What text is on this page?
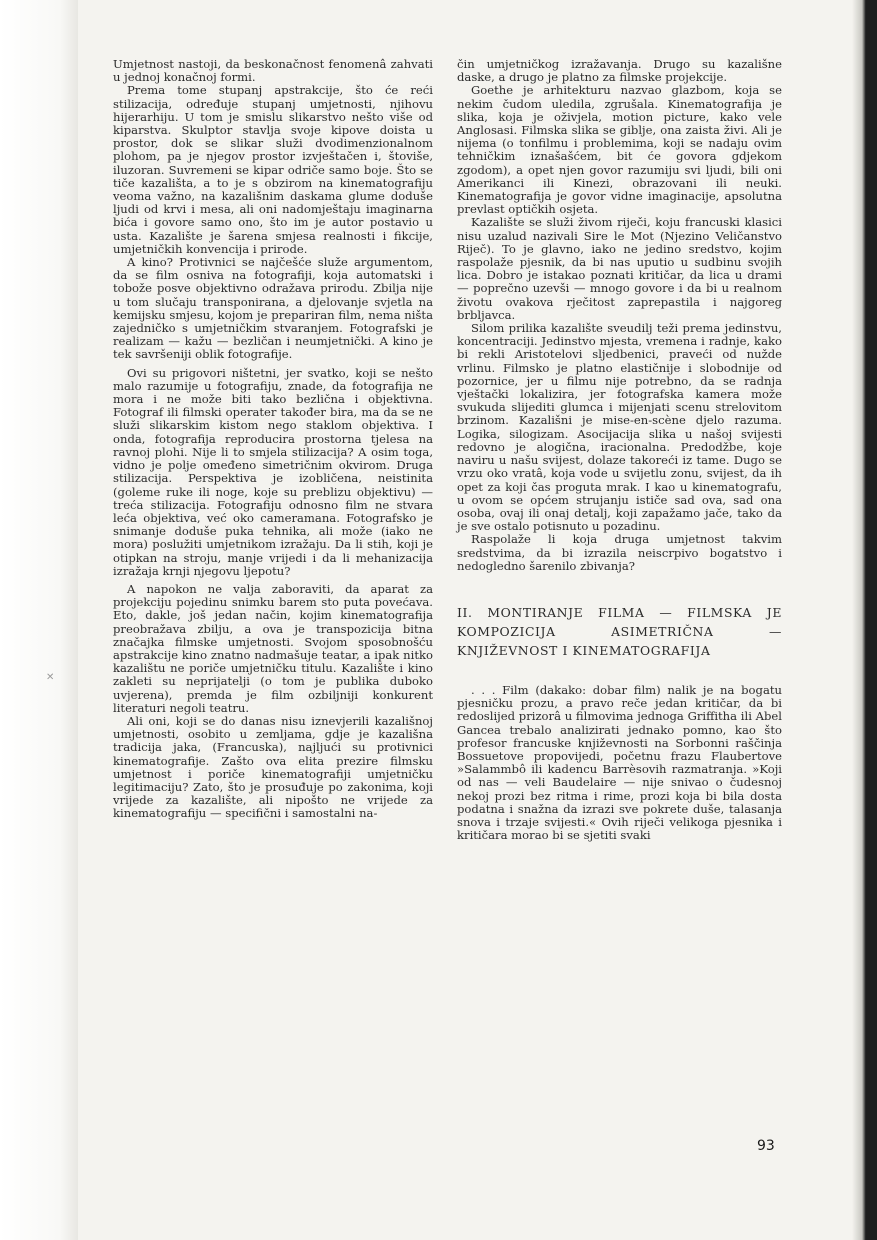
✕

Umjetnost nastoji, da beskonačnost fenomenâ zahvati u jednoj konačnoj formi.

Prema tome stupanj apstrakcije, što će reći stilizacija, određuje stupanj umjetnosti, njihovu hijerarhiju. U tom je smislu slikarstvo nešto više od kiparstva. Skulptor stavlja svoje kipove doista u prostor, dok se slikar služi dvodimenzionalnom plohom, pa je njegov prostor izvještačen i, štoviše, iluzoran. Suvremeni se kipar odriče samo boje. Što se tiče kazališta, a to je s obzirom na kinematografiju veoma važno, na kazališnim daskama glume doduše ljudi od krvi i mesa, ali oni nadomještaju imaginarna bića i govore samo ono, što im je autor postavio u usta. Kazalište je šarena smjesa realnosti i fikcije, umjetničkih konvencija i prirode.

A kino? Protivnici se najčešće služe argumentom, da se film osniva na fotografiji, koja automatski i tobože posve objektivno odražava prirodu. Zbilja nije u tom slučaju transponirana, a djelovanje svjetla na kemijsku smjesu, kojom je prepariran film, nema ništa zajedničko s umjetničkim stvaranjem. Fotografski je realizam — kažu — bezličan i neumjetnički. A kino je tek savršeniji oblik fotografije.

Ovi su prigovori ništetni, jer svatko, koji se nešto malo razumije u fotografiju, znade, da fotografija ne mora i ne može biti tako bezlična i objektivna. Fotograf ili filmski operater također bira, ma da se ne služi slikarskim kistom nego staklom objektiva. I onda, fotografija reproducira prostorna tjelesa na ravnoj plohi. Nije li to smjela stilizacija? A osim toga, vidno je polje omeđeno simetričnim okvirom. Druga stilizacija. Perspektiva je izobličena, neistinita (goleme ruke ili noge, koje su preblizu objektivu) — treća stilizacija. Fotografiju odnosno film ne stvara leća objektiva, već oko cameramana. Fotografsko je snimanje doduše puka tehnika, ali može (iako ne mora) poslužiti umjetnikom izražaju. Da li stih, koji je otipkan na stroju, manje vrijedi i da li mehanizacija izražaja krnji njegovu ljepotu?

A napokon ne valja zaboraviti, da aparat za projekciju pojedinu snimku barem sto puta povećava. Eto, dakle, još jedan način, kojim kinematografija preobražava zbilju, a ova je transpozicija bitna značajka filmske umjetnosti. Svojom sposobnošću apstrakcije kino znatno nadmašuje teatar, a ipak nitko kazalištu ne poriče umjetničku titulu. Kazalište i kino zakleti su neprijatelji (o tom je publika duboko uvjerena), premda je film ozbiljniji konkurent literaturi negoli teatru.

Ali oni, koji se do danas nisu iznevjerili kazališnoj umjetnosti, osobito u zemljama, gdje je kazališna tradicija jaka, (Francuska), najljući su protivnici kinematografije. Zašto ova elita prezire filmsku umjetnost i poriče kinematografiji umjetničku legitimaciju? Zato, što je prosuđuje po zakonima, koji vrijede za kazalište, ali nipošto ne vrijede za kinematografiju — specifični i samostalni na-

čin umjetničkog izražavanja. Drugo su kazališne daske, a drugo je platno za filmske projekcije.

Goethe je arhitekturu nazvao glazbom, koja se nekim čudom uledila, zgrušala. Kinematografija je slika, koja je oživjela, motion picture, kako vele Anglosasi. Filmska slika se giblje, ona zaista živi. Ali je nijema (o tonfilmu i problemima, koji se nadaju ovim tehničkim iznašašćem, bit će govora gdjekom zgodom), a opet njen govor razumiju svi ljudi, bili oni Amerikanci ili Kinezi, obrazovani ili neuki. Kinematografija je govor vidne imaginacije, apsolutna prevlast optičkih osjeta.

Kazalište se služi živom riječi, koju francuski klasici nisu uzalud nazivali Sire le Mot (Njezino Veličanstvo Riječ). To je glavno, iako ne jedino sredstvo, kojim raspolaže pjesnik, da bi nas uputio u sudbinu svojih lica. Dobro je istakao poznati kritičar, da lica u drami — poprečno uzevši — mnogo govore i da bi u realnom životu ovakova rječitost zaprepastila i najgoreg brbljavca.

Silom prilika kazalište sveudilj teži prema jedinstvu, koncentraciji. Jedinstvo mjesta, vremena i radnje, kako bi rekli Aristotelovi sljedbenici, pravеći od nužde vrlinu. Filmsko je platno elastičnije i slobodnije od pozornice, jer u filmu nije potrebno, da se radnja vještački lokalizira, jer fotografska kamera može svukuda slijediti glumca i mijenjati scenu strelovitom brzinom. Kazališni je mise-en-scène djelo razuma. Logika, silogizam. Asocijacija slika u našoj svijesti redovno je alogična, iracionalna. Predodžbe, koje naviru u našu svijest, dolaze takoreći iz tame. Dugo se vrzu oko vratâ, koja vode u svijetlu zonu, svijest, da ih opet za koji čas proguta mrak. I kao u kinematografu, u ovom se općem strujanju ističe sad ova, sad ona osoba, ovaj ili onaj detalj, koji zapažamo jače, tako da je sve ostalo potisnuto u pozadinu.

Raspolaže li koja druga umjetnost takvim sredstvima, da bi izrazila neiscrpivo bogatstvo i nedogledno šarenilo zbivanja?

II. MONTIRANJE FILMA — FILMSKA JE KOMPOZICIJA ASIMETRIČNA — KNJIŽEVNOST I KINEMATOGRAFIJA

. . . Film (dakako: dobar film) nalik je na bogatu pjesničku prozu, a pravo reče jedan kritičar, da bi redoslijed prizorâ u filmovima jednoga Griffitha ili Abel Gancea trebalo analizirati jednako pomno, kao što profesor francuske književnosti na Sorbonni raščinja Bossuetove propovijedi, početnu frazu Flaubertove »Salammbô ili kadencu Barrèsovih razmatranja. »Koji od nas — veli Baudelaire — nije snivao o čudesnoj nekoj prozi bez ritma i rime, prozi koja bi bila dosta podatna i snažna da izrazi sve pokrete duše, talasanja snova i trzaje svijesti.« Ovih riječi velikoga pjesnika i kritičara morao bi se sjetiti svaki

93
